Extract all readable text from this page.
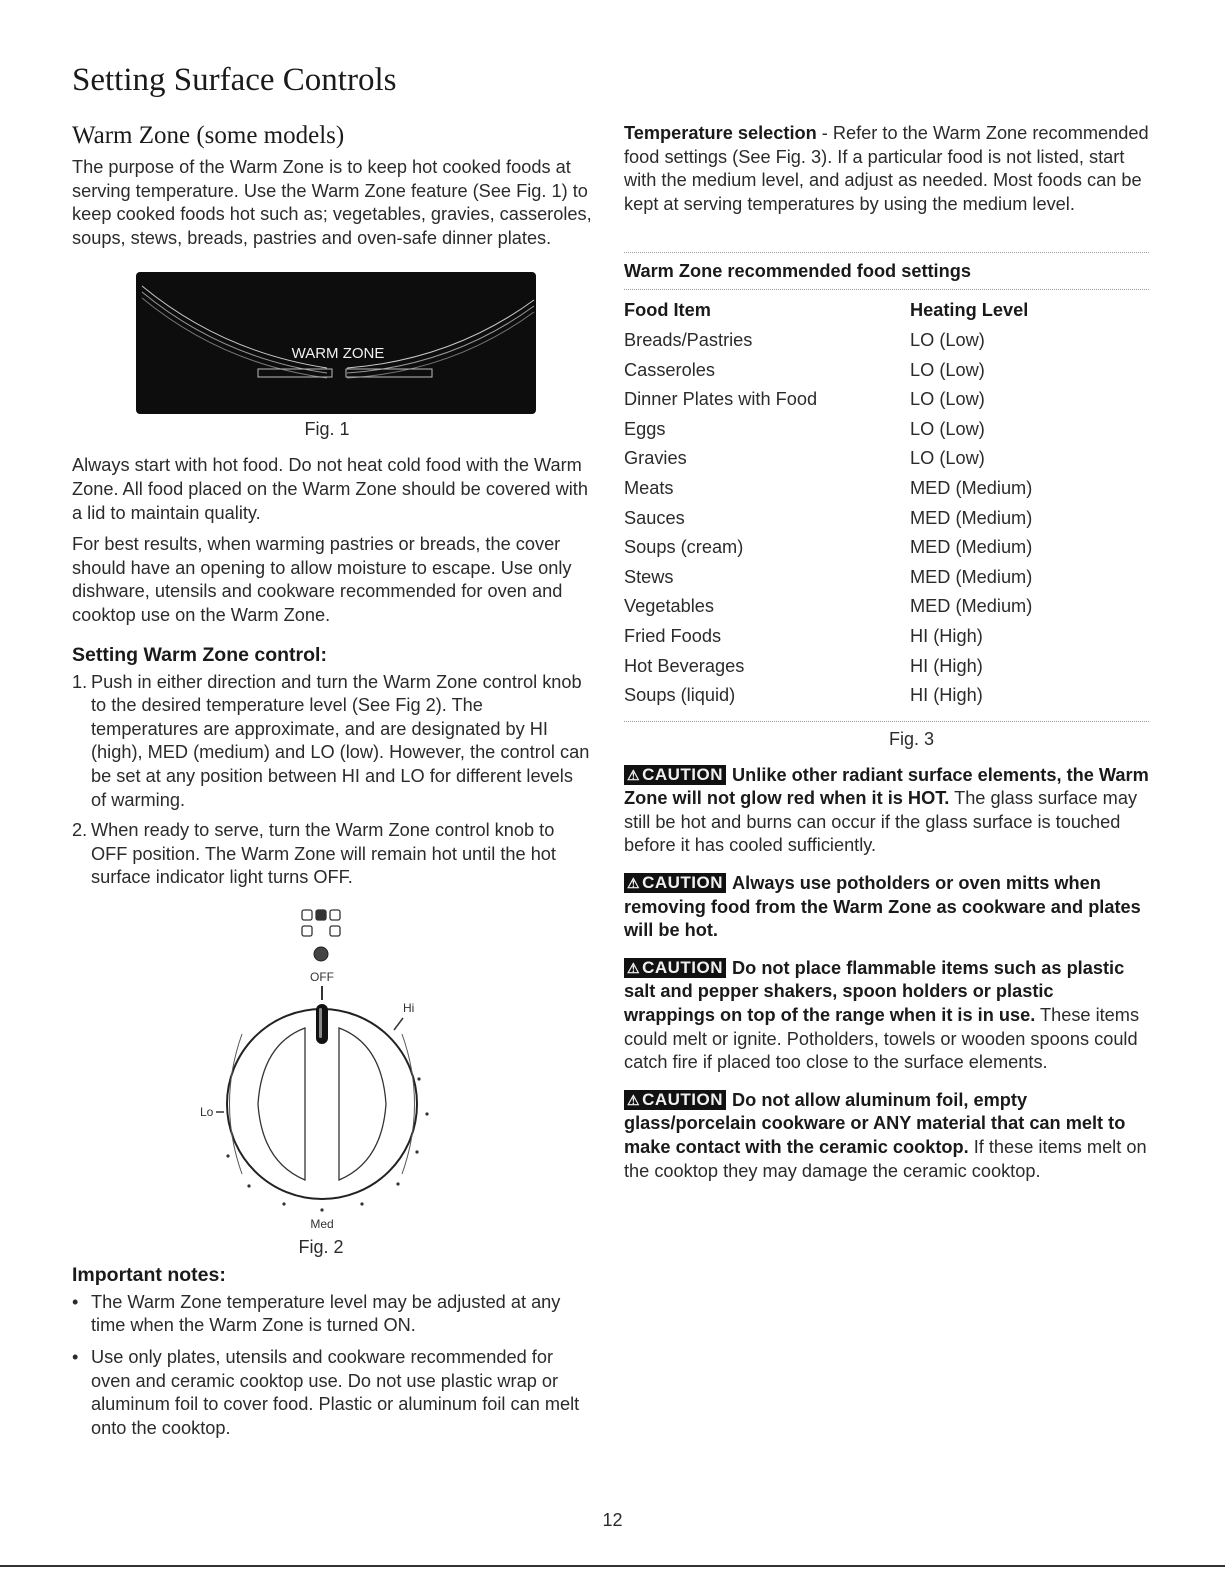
Setting Surface Controls
Warm Zone (some models)

The purpose of the Warm Zone is to keep hot cooked foods at serving temperature. Use the Warm Zone feature (See Fig. 1) to keep cooked foods hot such as; vegetables, gravies, casseroles, soups, stews, breads, pastries and oven-safe dinner plates.

WARM ZONE
Fig. 1

Always start with hot food. Do not heat cold food with the Warm Zone. All food placed on the Warm Zone should be covered with a lid to maintain quality.

For best results, when warming pastries or breads, the cover should have an opening to allow moisture to escape. Use only dishware, utensils and cookware recommended for oven and cooktop use on the Warm Zone.

Setting Warm Zone control:
1. Push in either direction and turn the Warm Zone control knob to the desired temperature level (See Fig 2). The temperatures are approximate, and are designated by HI (high), MED (medium) and LO (low). However, the control can be set at any position between HI and LO for different levels of warming.
2. When ready to serve, turn the Warm Zone control knob to OFF position. The Warm Zone will remain hot until the hot surface indicator light turns OFF.
OFF
Hi
Lo
Med
Fig. 2
Important notes:
• The Warm Zone temperature level may be adjusted at any time when the Warm Zone is turned ON.
• Use only plates, utensils and cookware recommended for oven and ceramic cooktop use. Do not use plastic wrap or aluminum foil to cover food. Plastic or aluminum foil can melt onto the cooktop.

Temperature selection - Refer to the Warm Zone recommended food settings (See Fig. 3). If a particular food is not listed, start with the medium level, and adjust as needed. Most foods can be kept at serving temperatures by using the medium level.

Warm Zone recommended food settings
Food Item	Heating Level
Breads/Pastries	LO (Low)
Casseroles	LO (Low)
Dinner Plates with Food	LO (Low)
Eggs	LO (Low)
Gravies	LO (Low)
Meats	MED (Medium)
Sauces	MED (Medium)
Soups (cream)	MED (Medium)
Stews	MED (Medium)
Vegetables	MED (Medium)
Fried Foods	HI (High)
Hot Beverages	HI (High)
Soups (liquid)	HI (High)
Fig. 3
⚠ CAUTION Unlike other radiant surface elements, the Warm Zone will not glow red when it is HOT. The glass surface may still be hot and burns can occur if the glass surface is touched before it has cooled sufficiently.
⚠ CAUTION Always use potholders or oven mitts when removing food from the Warm Zone as cookware and plates will be hot.
⚠ CAUTION Do not place flammable items such as plastic salt and pepper shakers, spoon holders or plastic wrappings on top of the range when it is in use. These items could melt or ignite. Potholders, towels or wooden spoons could catch fire if placed too close to the surface elements.
⚠ CAUTION Do not allow aluminum foil, empty glass/porcelain cookware or ANY material that can melt to make contact with the ceramic cooktop. If these items melt on the cooktop they may damage the ceramic cooktop.
12
